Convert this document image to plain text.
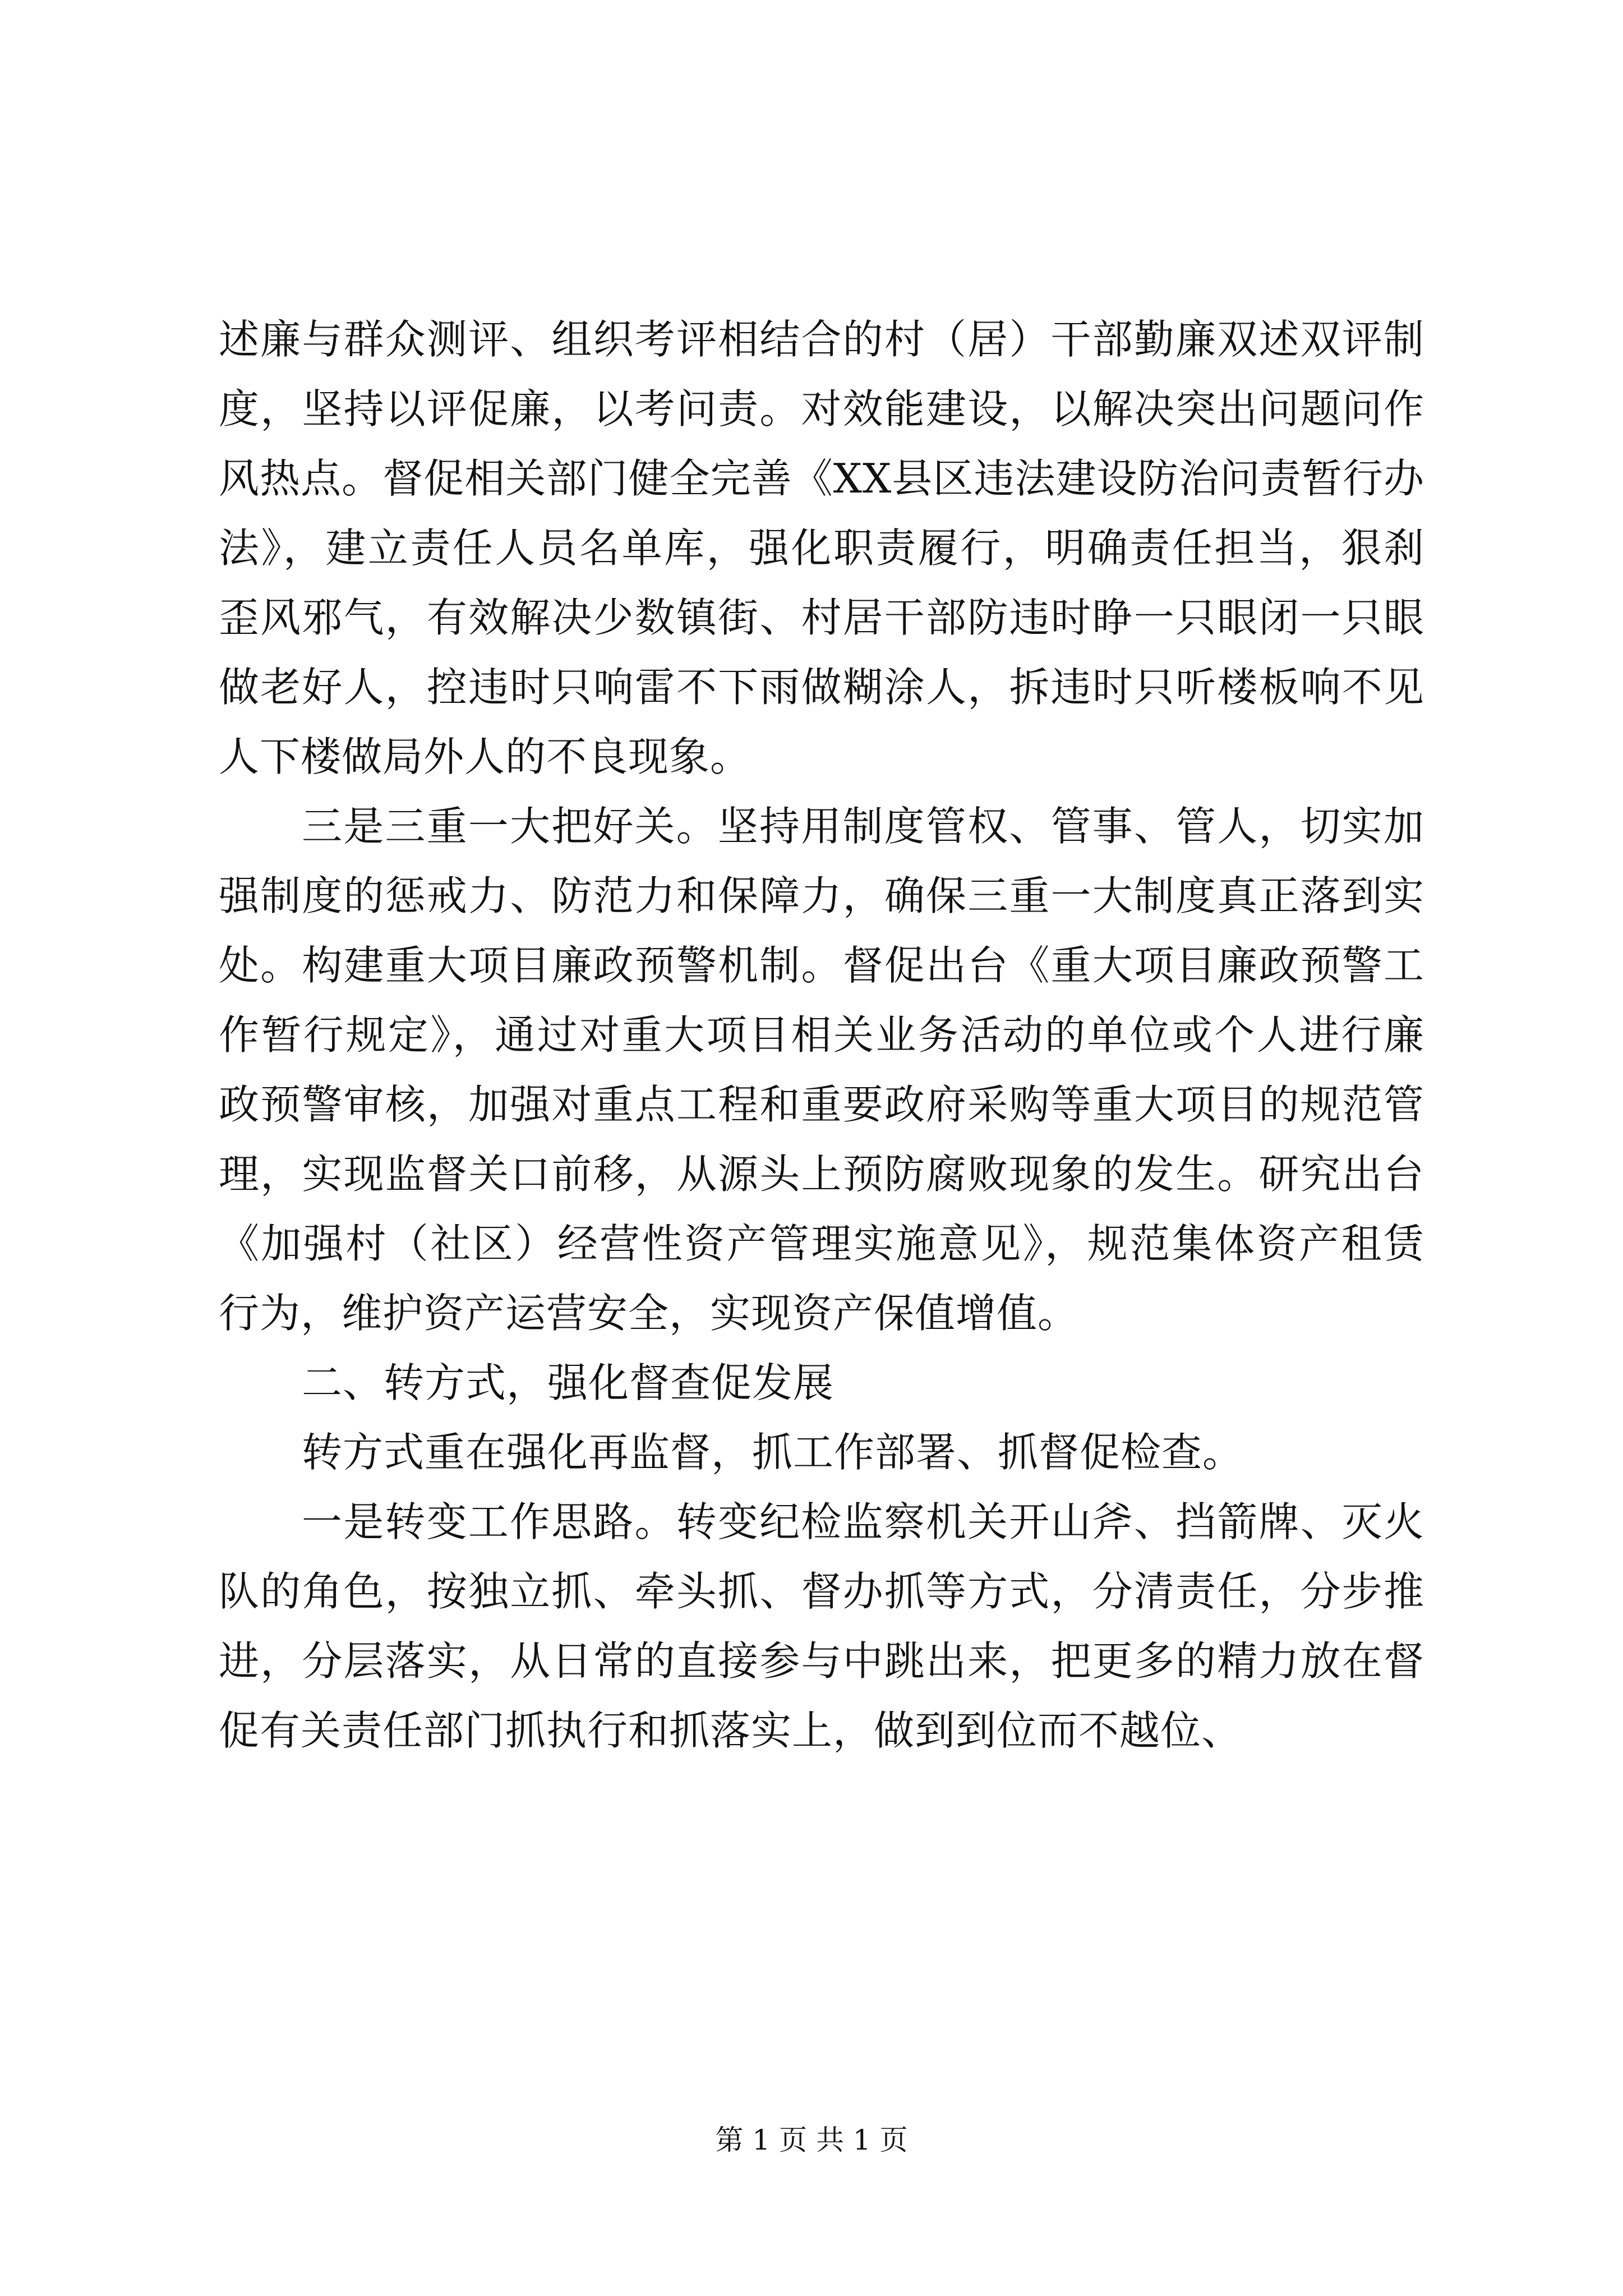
述廉与群众测评、组织考评相结合的村（居）干部勤廉双述双评制度，坚持以评促廉，以考问责。对效能建设，以解决突出问题问作风热点。督促相关部门健全完善《XX县区违法建设防治问责暂行办法》，建立责任人员名单库，强化职责履行，明确责任担当，狠刹歪风邪气，有效解决少数镇街、村居干部防违时睁一只眼闭一只眼做老好人，控违时只响雷不下雨做糊涂人，拆违时只听楼板响不见人下楼做局外人的不良现象。

三是三重一大把好关。坚持用制度管权、管事、管人，切实加强制度的惩戒力、防范力和保障力，确保三重一大制度真正落到实处。构建重大项目廉政预警机制。督促出台《重大项目廉政预警工作暂行规定》，通过对重大项目相关业务活动的单位或个人进行廉政预警审核，加强对重点工程和重要政府采购等重大项目的规范管理，实现监督关口前移，从源头上预防腐败现象的发生。研究出台《加强村（社区）经营性资产管理实施意见》，规范集体资产租赁行为，维护资产运营安全，实现资产保值增值。

二、转方式，强化督查促发展

转方式重在强化再监督，抓工作部署、抓督促检查。

一是转变工作思路。转变纪检监察机关开山斧、挡箭牌、灭火队的角色，按独立抓、牵头抓、督办抓等方式，分清责任，分步推进，分层落实，从日常的直接参与中跳出来，把更多的精力放在督促有关责任部门抓执行和抓落实上，做到到位而不越位、

第 1 页 共 1 页
